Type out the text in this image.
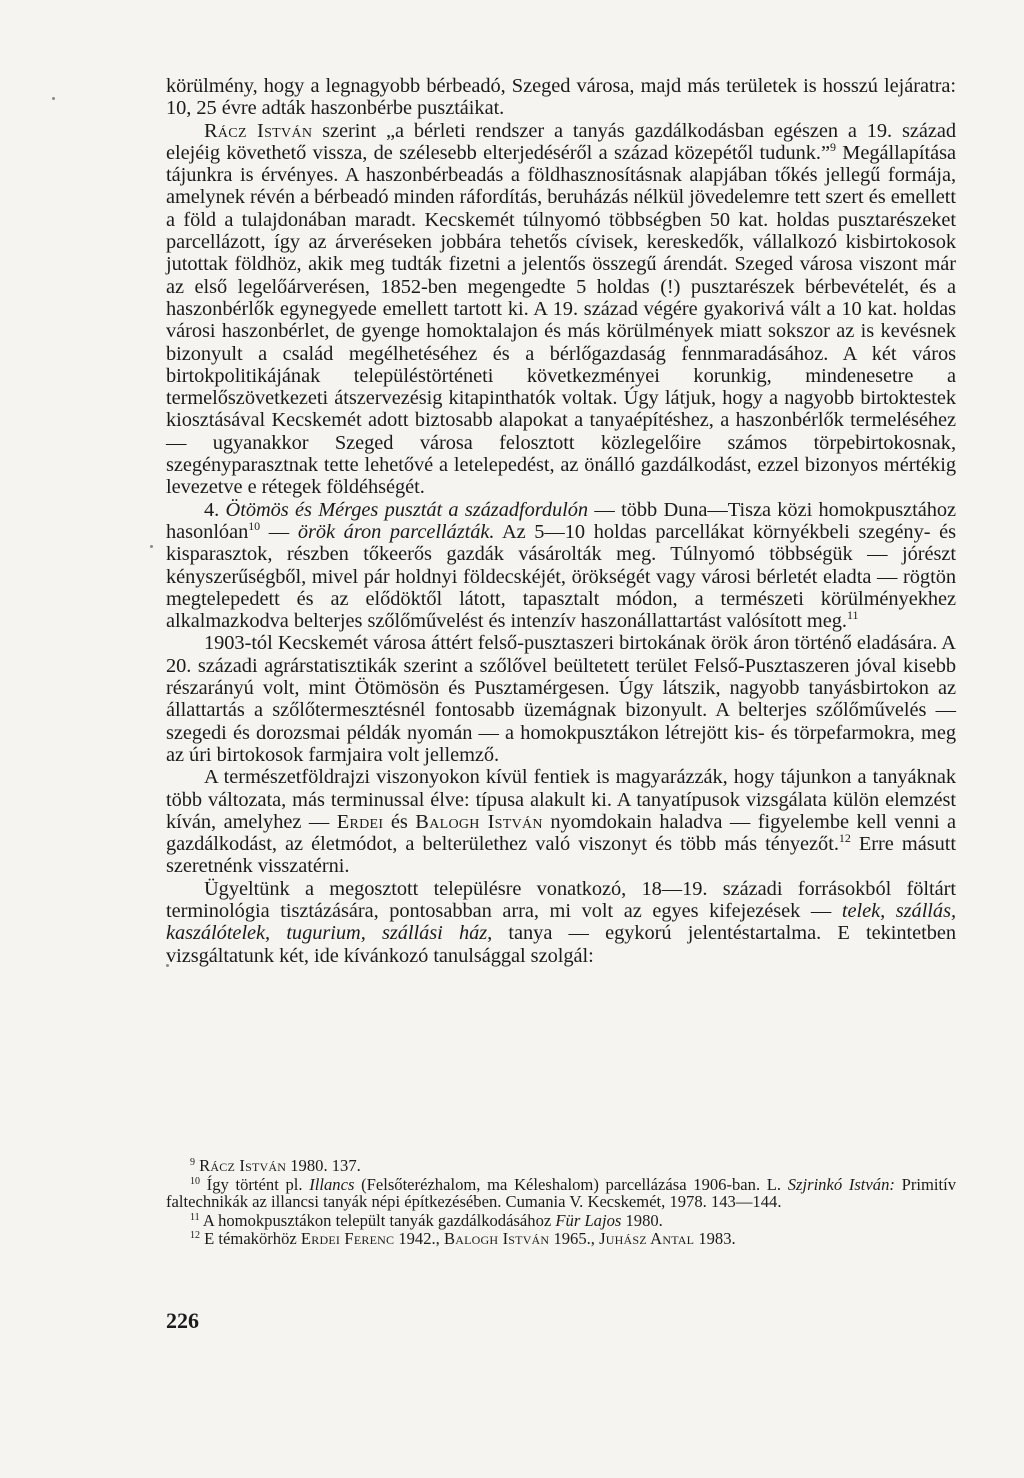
körülmény, hogy a legnagyobb bérbeadó, Szeged városa, majd más területek is hosszú lejáratra: 10, 25 évre adták haszonbérbe pusztáikat.

Rácz István szerint „a bérleti rendszer a tanyás gazdálkodásban egészen a 19. század elejéig követhető vissza, de szélesebb elterjedéséről a század közepétől tudunk.”$^9$ Megállapítása tájunkra is érvényes. A haszonbérbeadás a földhasznosításnak alapjában tőkés jellegű formája, amelynek révén a bérbeadó minden ráfordítás, beruházás nélkül jövedelemre tett szert és emellett a föld a tulajdonában maradt. Kecskemét túlnyomó többségben 50 kat. holdas pusztarészeket parcellázott, így az árveréseken jobbára tehetős cívisek, kereskedők, vállalkozó kisbirtokosok jutottak földhöz, akik meg tudták fizetni a jelentős összegű árendát. Szeged városa viszont már az első legelőárverésen, 1852-ben megengedte 5 holdas (!) pusztarészek bérbevételét, és a haszonbérlők egynegyede emellett tartott ki. A 19. század végére gyakorivá vált a 10 kat. holdas városi haszonbérlet, de gyenge homoktalajon és más körülmények miatt sokszor az is kevésnek bizonyult a család megélhetéséhez és a bérlőgazdaság fennmaradásához. A két város birtokpolitikájának településtörténeti következményei korunkig, mindenesetre a termelőszövetkezeti átszervezésig kitapinthatók voltak. Úgy látjuk, hogy a nagyobb birtoktestek kiosztásával Kecskemét adott biztosabb alapokat a tanyaépítéshez, a haszonbérlők termeléséhez — ugyanakkor Szeged városa felosztott közlegelőire számos törpebirtokosnak, szegényparasztnak tette lehetővé a letelepedést, az önálló gazdálkodást, ezzel bizonyos mértékig levezetve e rétegek földéhségét.

4. Ötömös és Mérges pusztát a századfordulón — több Duna—Tisza közi homokpusztához hasonlóan$^{10}$ — örök áron parcellázták. Az 5—10 holdas parcellákat környékbeli szegény- és kisparasztok, részben tőkeerős gazdák vásárolták meg. Túlnyomó többségük — jórészt kényszerűségből, mivel pár holdnyi földecskéjét, örökségét vagy városi bérletét eladta — rögtön megtelepedett és az elődöktől látott, tapasztalt módon, a természeti körülményekhez alkalmazkodva belterjes szőlőművelést és intenzív haszonállattartást valósított meg.$^{11}$

1903-tól Kecskemét városa áttért felső-pusztaszeri birtokának örök áron történő eladására. A 20. századi agrárstatisztikák szerint a szőlővel beültetett terület Felső-Pusztaszeren jóval kisebb részarányú volt, mint Ötömösön és Pusztamérgesen. Úgy látszik, nagyobb tanyásbirtokon az állattartás a szőlőtermesztésnél fontosabb üzemágnak bizonyult. A belterjes szőlőművelés — szegedi és dorozsmai példák nyomán — a homokpusztákon létrejött kis- és törpefarmokra, meg az úri birtokosok farmjaira volt jellemző.

A természetföldrajzi viszonyokon kívül fentiek is magyarázzák, hogy tájunkon a tanyáknak több változata, más terminussal élve: típusa alakult ki. A tanyatípusok vizsgálata külön elemzést kíván, amelyhez — Erdei és Balogh István nyomdokain haladva — figyelembe kell venni a gazdálkodást, az életmódot, a belterülethez való viszonyt és több más tényezőt.$^{12}$ Erre másutt szeretnénk visszatérni.

Ügyeltünk a megosztott településre vonatkozó, 18—19. századi forrásokból föltárt terminológia tisztázására, pontosabban arra, mi volt az egyes kifejezések — telek, szállás, kaszálótelek, tugurium, szállási ház, tanya — egykorú jelentéstartalma. E tekintetben vizsgáltatunk két, ide kívánkozó tanulsággal szolgál:

$^9$ Rácz István 1980. 137.

$^{10}$ Így történt pl. Illancs (Felsőterézhalom, ma Kéleshalom) parcellázása 1906-ban. L. Szjrinkó István: Primitív faltechnikák az illancsi tanyák népi építkezésében. Cumania V. Kecskemét, 1978. 143—144.

$^{11}$ A homokpusztákon települt tanyák gazdálkodásához Für Lajos 1980.

$^{12}$ E témakörhöz Erdei Ferenc 1942., Balogh István 1965., Juhász Antal 1983.

226
